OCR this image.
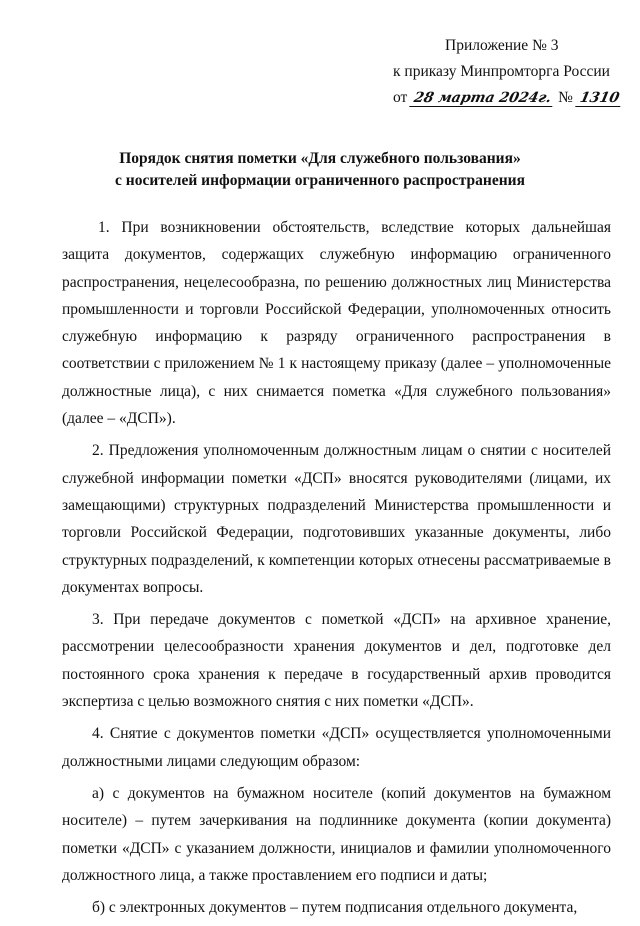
Приложение № 3
к приказу Минпромторга России
от 28 марта 2024г. № 1310
Порядок снятия пометки «Для служебного пользования»
с носителей информации ограниченного распространения

1. При возникновении обстоятельств, вследствие которых дальнейшая защита документов, содержащих служебную информацию ограниченного распространения, нецелесообразна, по решению должностных лиц Министерства промышленности и торговли Российской Федерации, уполномоченных относить служебную информацию к разряду ограниченного распространения в соответствии с приложением № 1 к настоящему приказу (далее – уполномоченные должностные лица), с них снимается пометка «Для служебного пользования» (далее – «ДСП»).

2. Предложения уполномоченным должностным лицам о снятии с носителей служебной информации пометки «ДСП» вносятся руководителями (лицами, их замещающими) структурных подразделений Министерства промышленности и торговли Российской Федерации, подготовивших указанные документы, либо структурных подразделений, к компетенции которых отнесены рассматриваемые в документах вопросы.

3. При передаче документов с пометкой «ДСП» на архивное хранение, рассмотрении целесообразности хранения документов и дел, подготовке дел постоянного срока хранения к передаче в государственный архив проводится экспертиза с целью возможного снятия с них пометки «ДСП».

4. Снятие с документов пометки «ДСП» осуществляется уполномоченными должностными лицами следующим образом:

а) с документов на бумажном носителе (копий документов на бумажном носителе) – путем зачеркивания на подлиннике документа (копии документа) пометки «ДСП» с указанием должности, инициалов и фамилии уполномоченного должностного лица, а также проставлением его подписи и даты;

б) с электронных документов – путем подписания отдельного документа,
